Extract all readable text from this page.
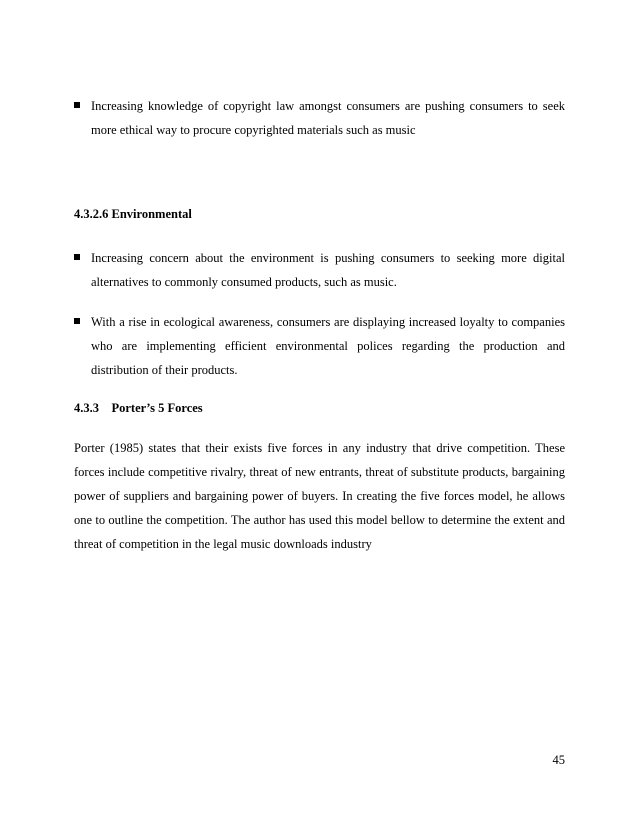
Increasing knowledge of copyright law amongst consumers are pushing consumers to seek more ethical way to procure copyrighted materials such as music
4.3.2.6 Environmental
Increasing concern about the environment is pushing consumers to seeking more digital alternatives to commonly consumed products, such as music.
With a rise in ecological awareness, consumers are displaying increased loyalty to companies who are implementing efficient environmental polices regarding the production and distribution of their products.
4.3.3    Porter’s 5 Forces
Porter (1985) states that their exists five forces in any industry that drive competition. These forces include competitive rivalry, threat of new entrants, threat of substitute products, bargaining power of suppliers and bargaining power of buyers. In creating the five forces model, he allows one to outline the competition. The author has used this model bellow to determine the extent and threat of competition in the legal music downloads industry
45
